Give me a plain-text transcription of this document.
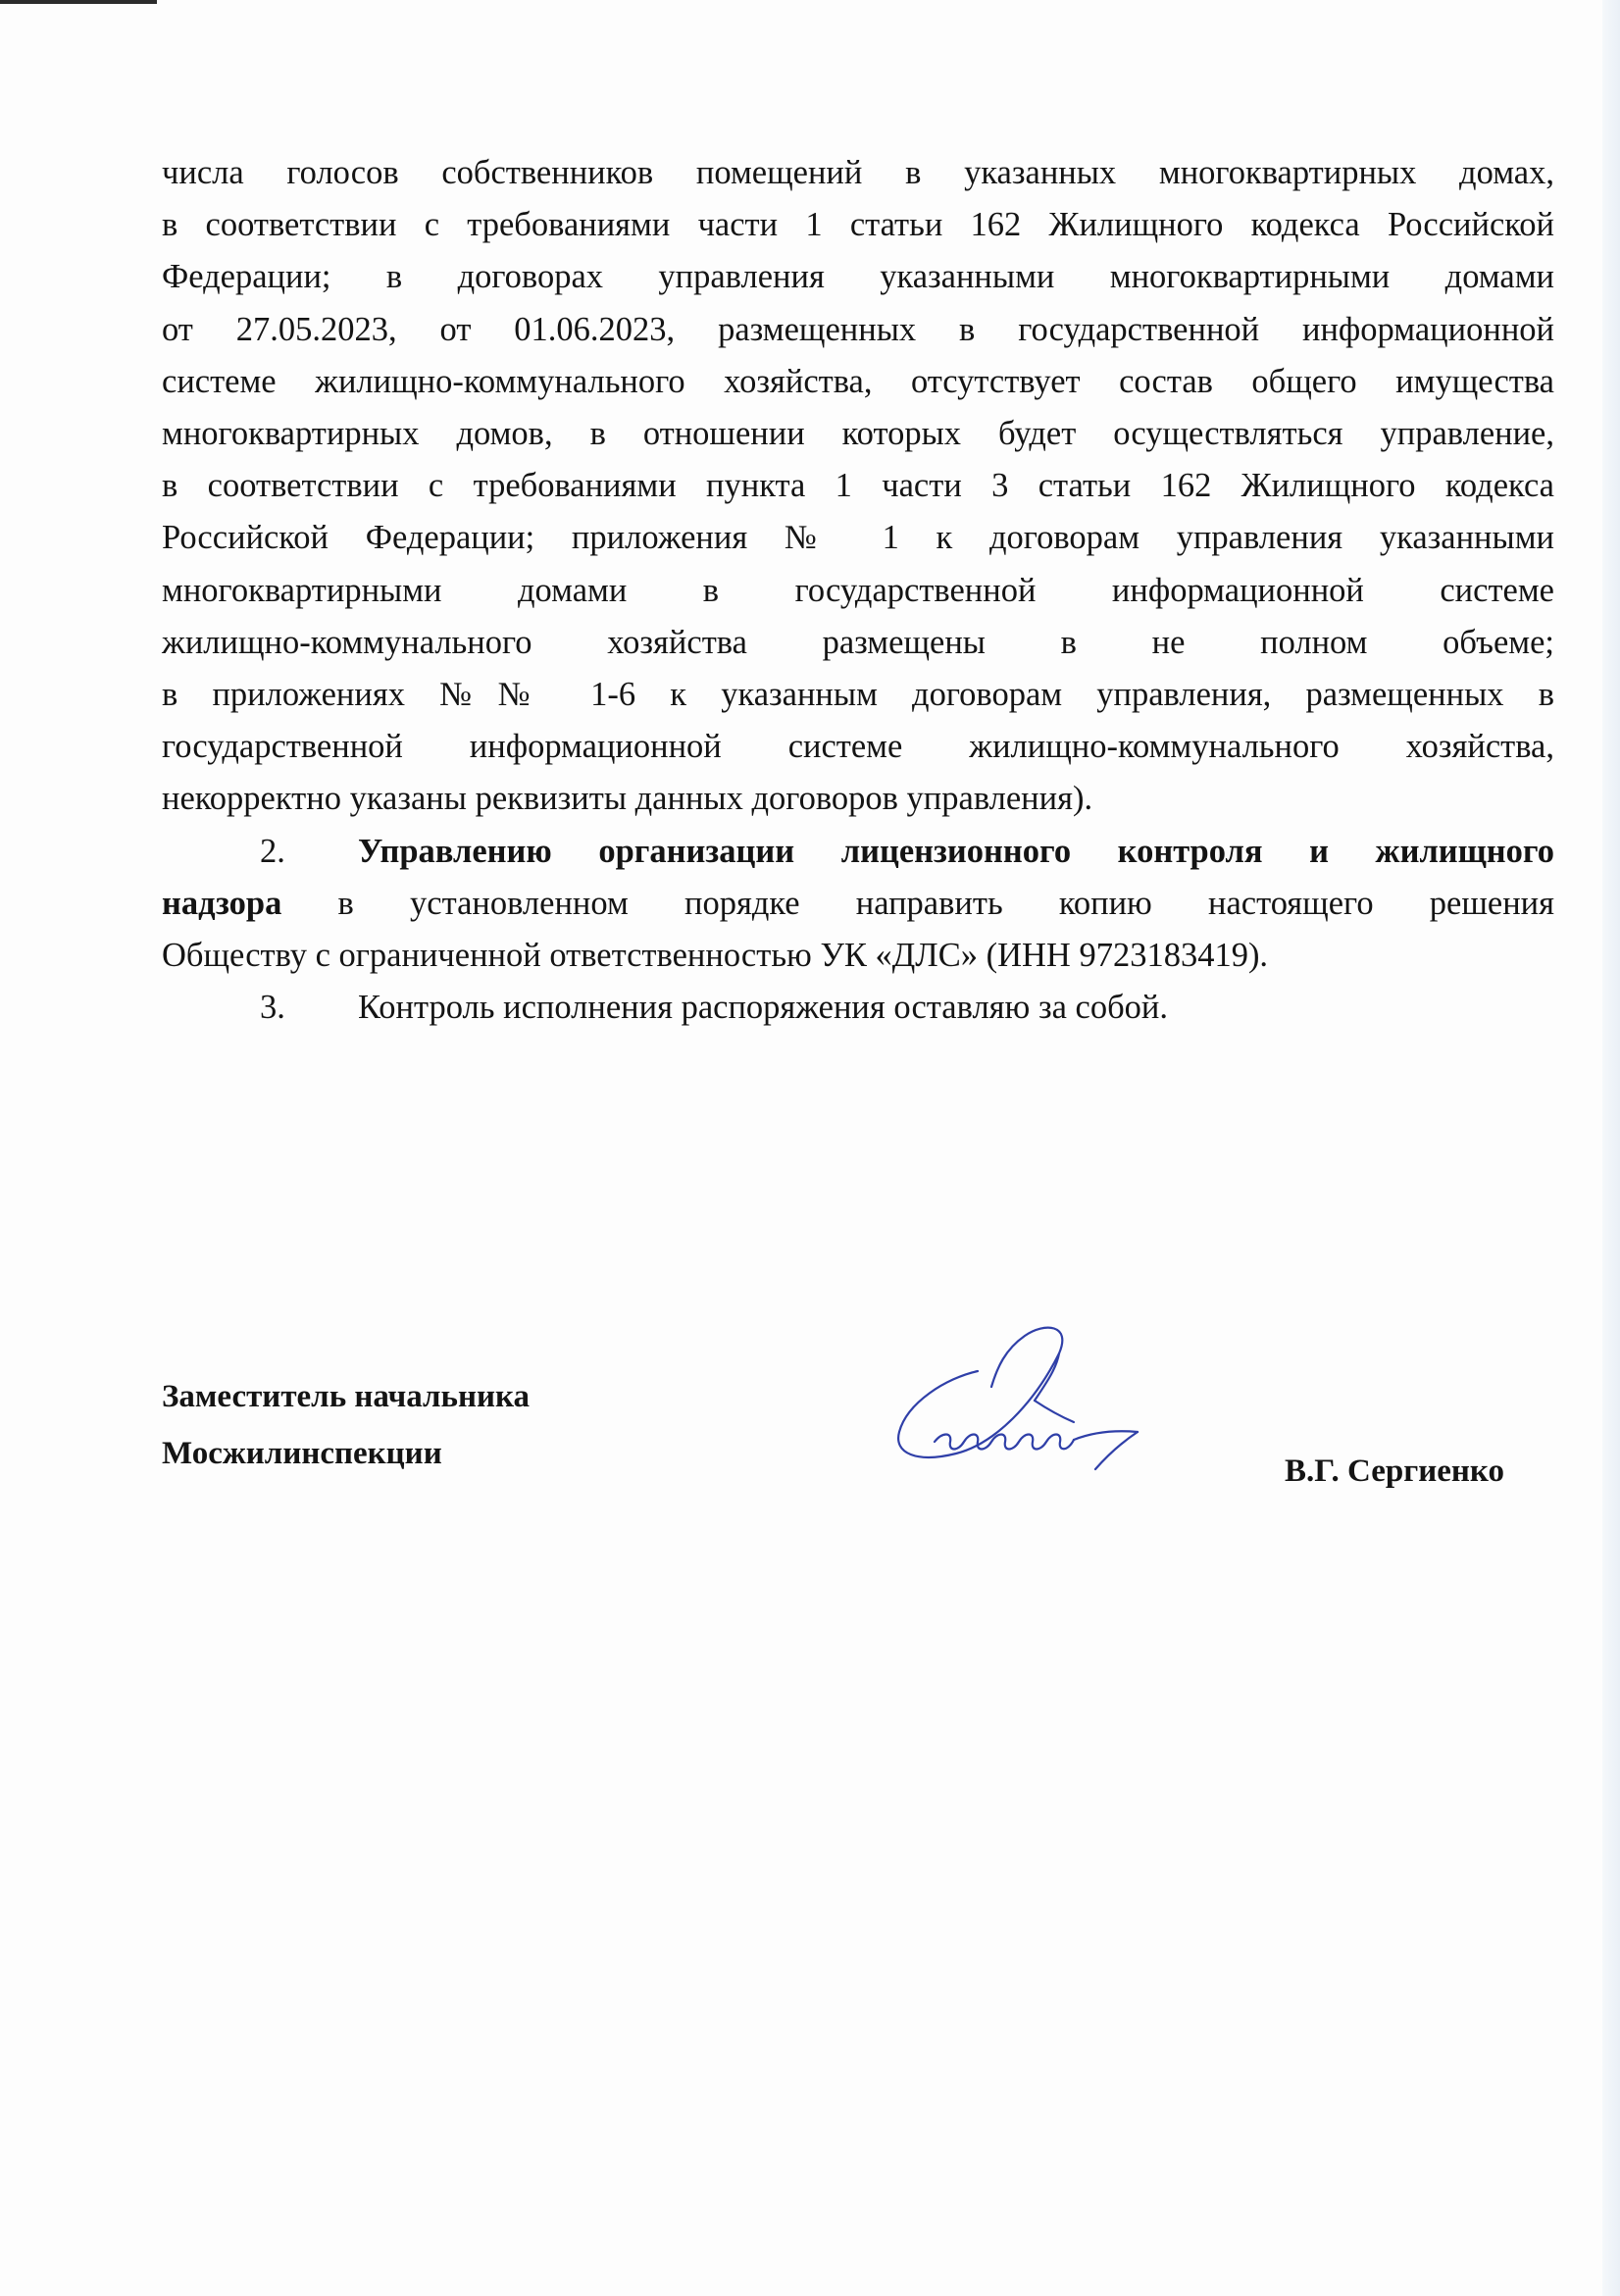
числа голосов собственников помещений в указанных многоквартирных домах,
в соответствии с требованиями части 1 статьи 162 Жилищного кодекса Российской
Федерации; в договорах управления указанными многоквартирными домами
от 27.05.2023, от 01.06.2023, размещенных в государственной информационной
системе жилищно-коммунального хозяйства, отсутствует состав общего имущества
многоквартирных домов, в отношении которых будет осуществляться управление,
в соответствии с требованиями пункта 1 части 3 статьи 162 Жилищного кодекса
Российской Федерации; приложения № 1 к договорам управления указанными
многоквартирными домами в государственной информационной системе
жилищно-коммунального хозяйства размещены в не полном объеме;
в приложениях №№ 1-6 к указанным договорам управления, размещенных в
государственной информационной системе жилищно-коммунального хозяйства,
некорректно указаны реквизиты данных договоров управления).

2. Управлению организации лицензионного контроля и жилищного
надзора в установленном порядке направить копию настоящего решения
Обществу с ограниченной ответственностью УК «ДЛС» (ИНН 9723183419).
3. Контроль исполнения распоряжения оставляю за собой.
Заместитель начальника
Мосжилинспекции	В.Г. Сергиенко
